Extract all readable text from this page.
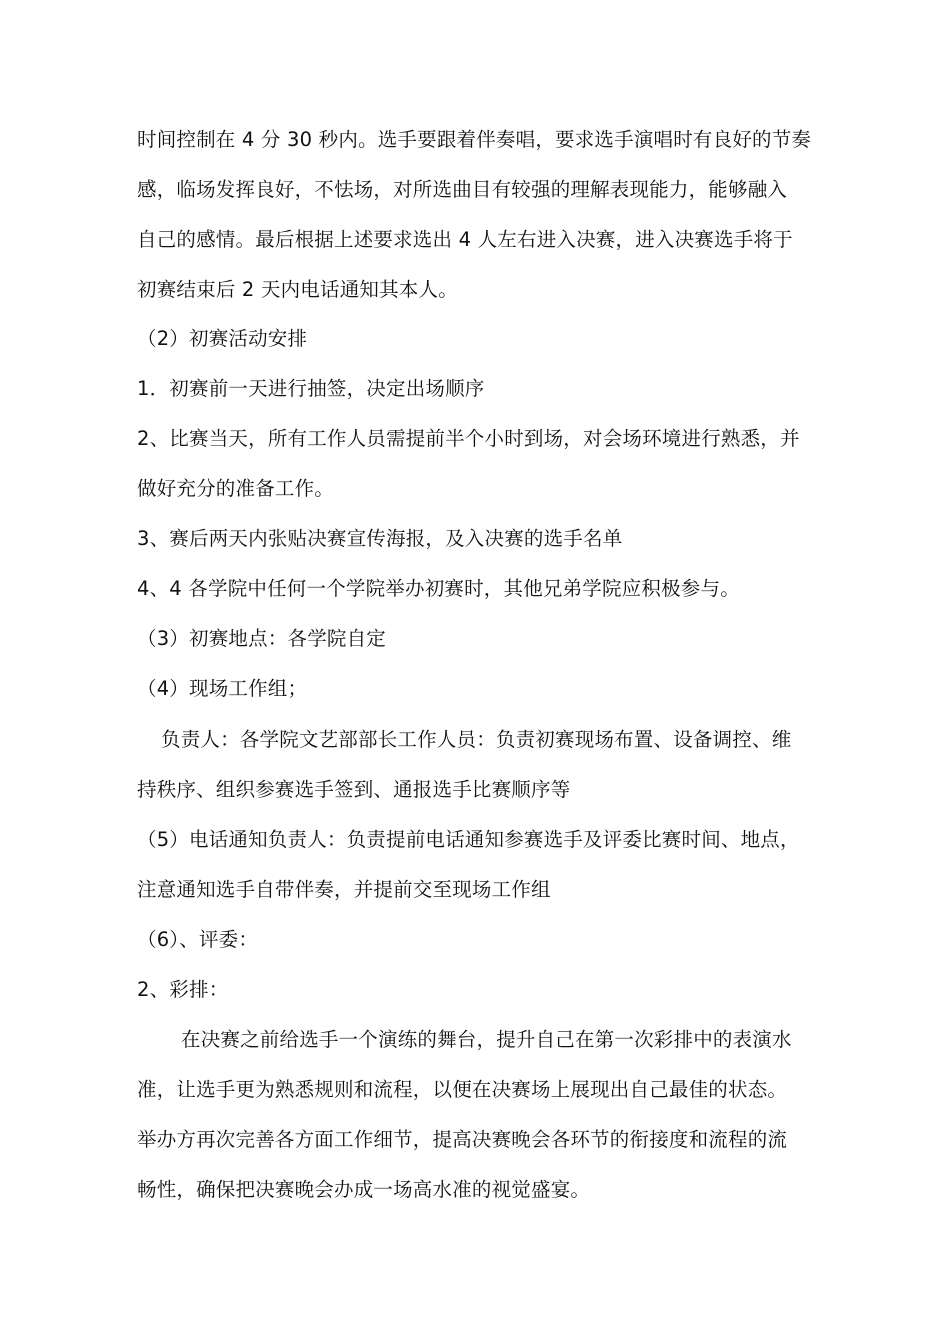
时间控制在 4 分 30 秒内。选手要跟着伴奏唱，要求选手演唱时有良好的节奏
感，临场发挥良好，不怯场，对所选曲目有较强的理解表现能力，能够融入
自己的感情。最后根据上述要求选出 4 人左右进入决赛，进入决赛选手将于
初赛结束后 2 天内电话通知其本人。
（2）初赛活动安排
1．初赛前一天进行抽签，决定出场顺序
2、比赛当天，所有工作人员需提前半个小时到场，对会场环境进行熟悉，并
做好充分的准备工作。
3、赛后两天内张贴决赛宣传海报，及入决赛的选手名单
4、4 各学院中任何一个学院举办初赛时，其他兄弟学院应积极参与。
（3）初赛地点：各学院自定
（4）现场工作组；
负责人：各学院文艺部部长工作人员：负责初赛现场布置、设备调控、维
持秩序、组织参赛选手签到、通报选手比赛顺序等
（5）电话通知负责人：负责提前电话通知参赛选手及评委比赛时间、地点，
注意通知选手自带伴奏，并提前交至现场工作组
（6）、评委：
2、彩排：
在决赛之前给选手一个演练的舞台，提升自己在第一次彩排中的表演水
准，让选手更为熟悉规则和流程，以便在决赛场上展现出自己最佳的状态。
举办方再次完善各方面工作细节，提高决赛晚会各环节的衔接度和流程的流
畅性，确保把决赛晚会办成一场高水准的视觉盛宴。
